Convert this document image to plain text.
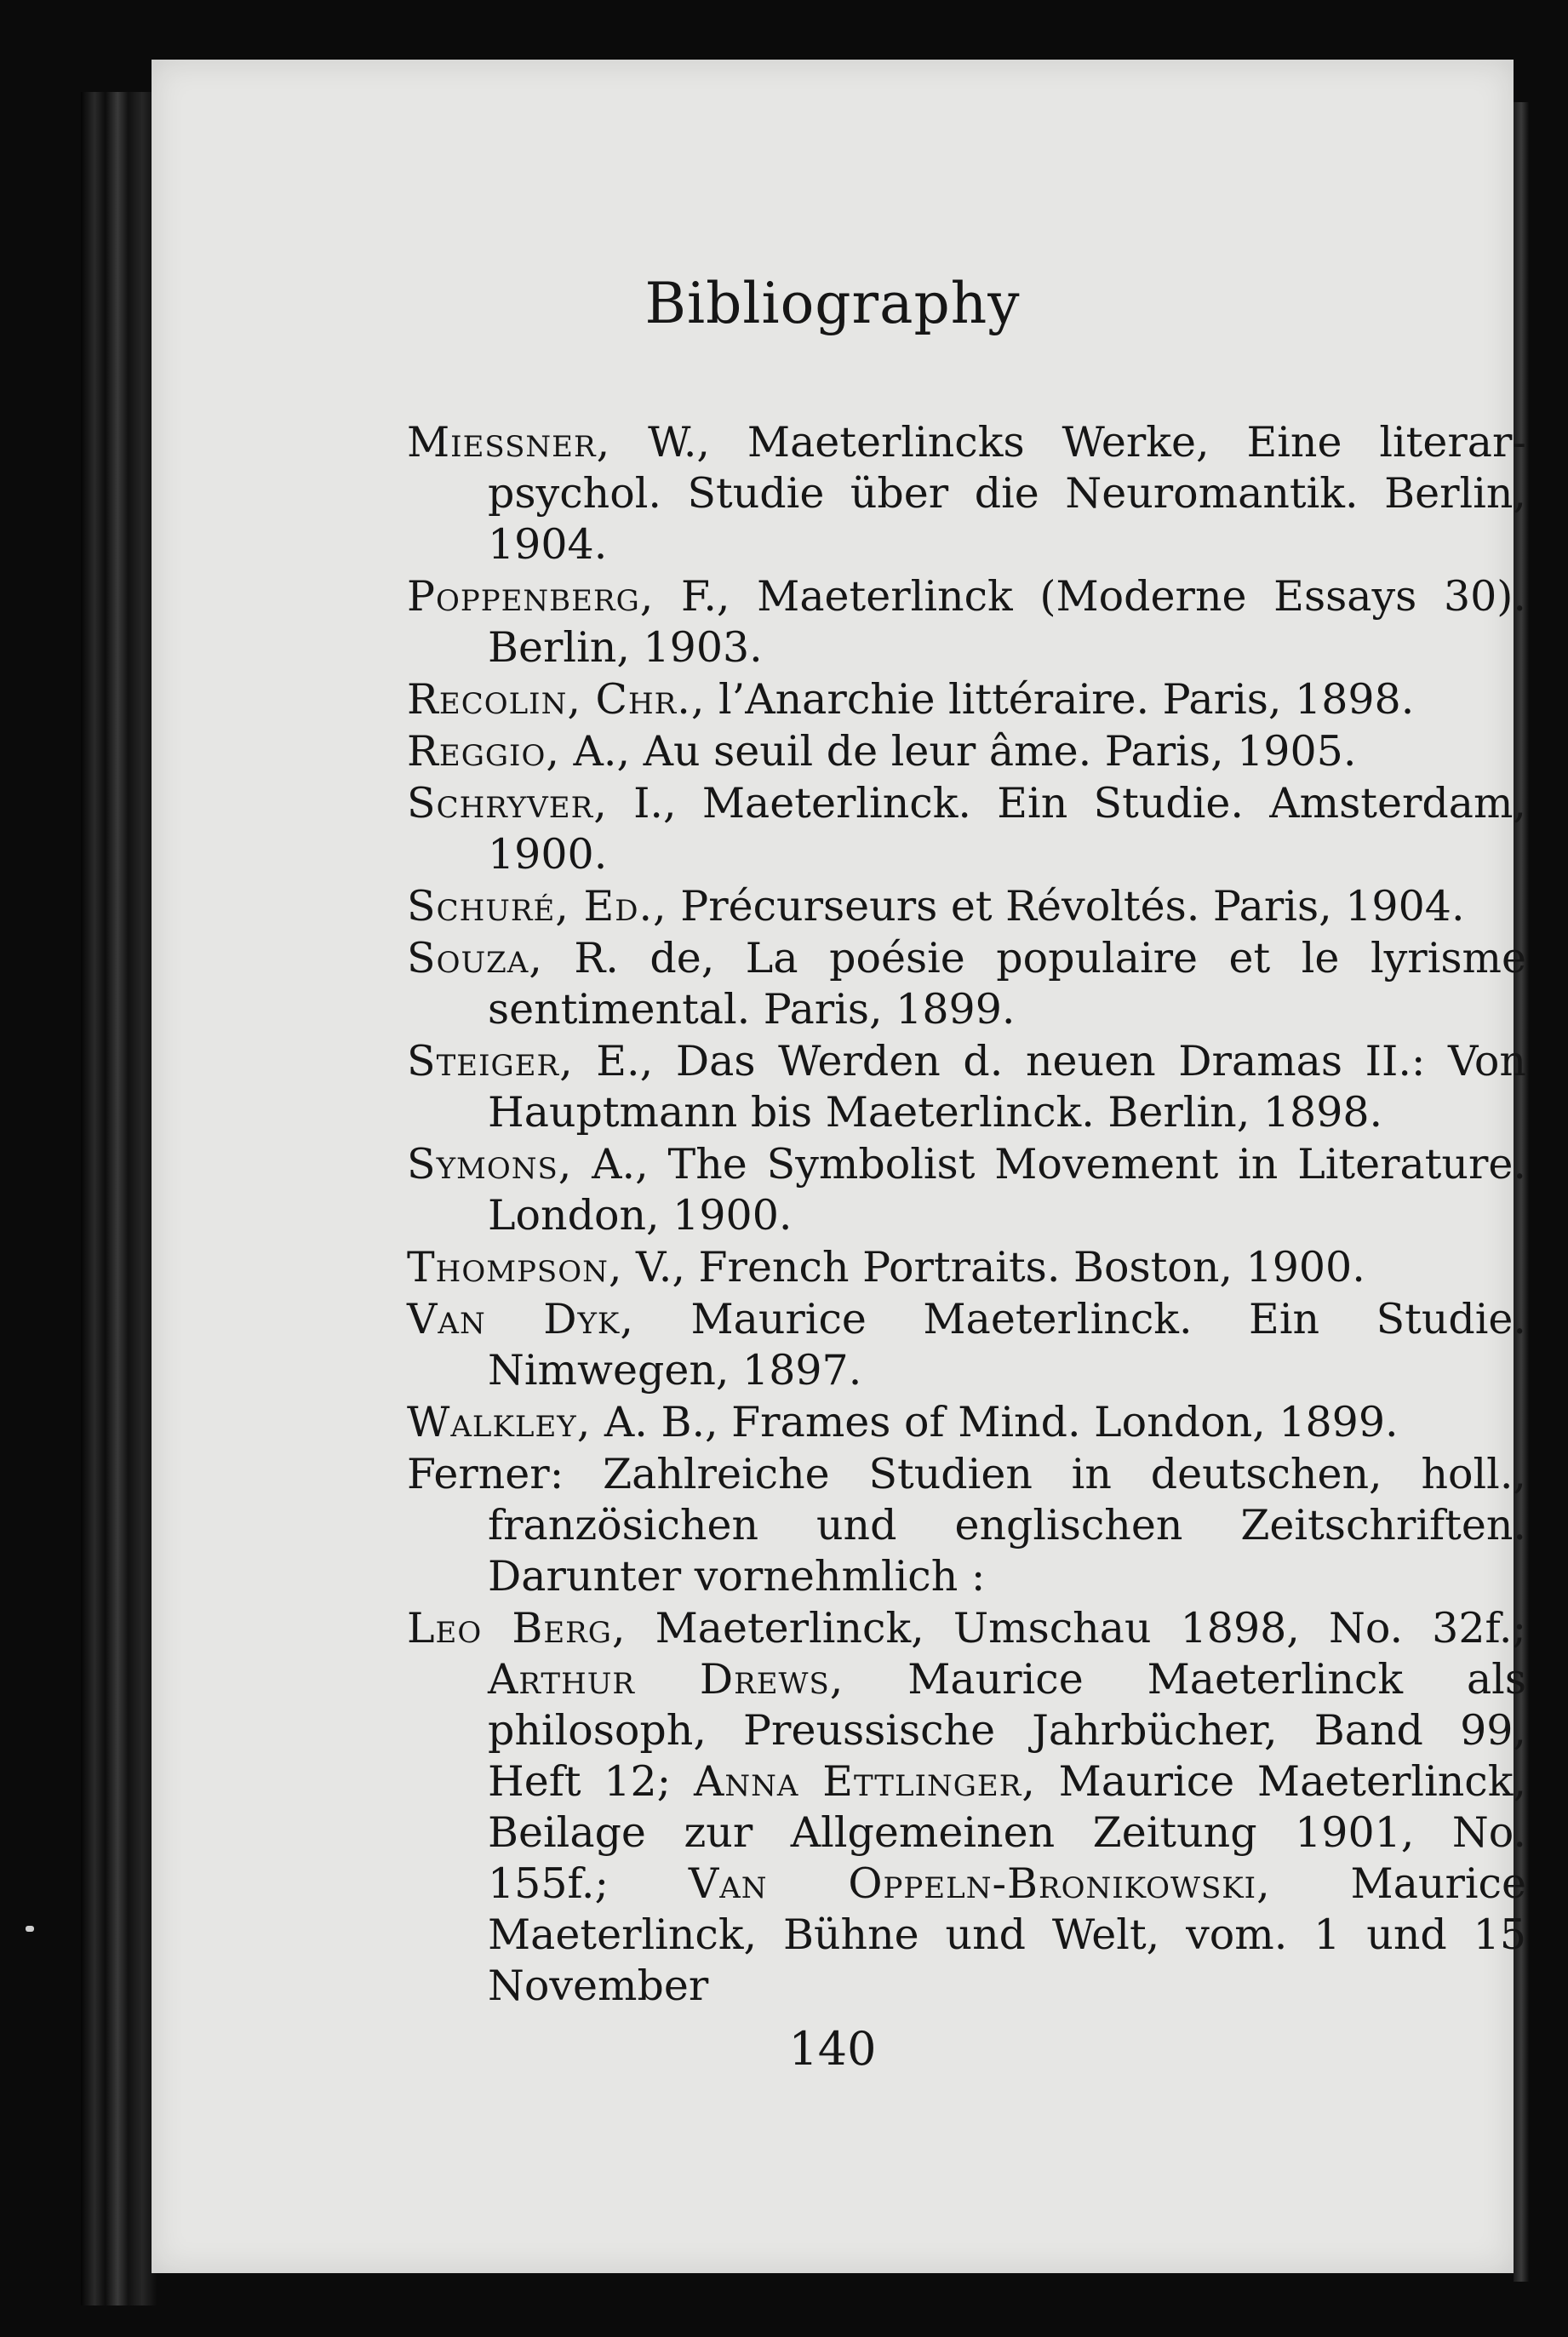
Bibliography

Miessner, W., Maeterlincks Werke, Eine literar-psychol. Studie über die Neuromantik. Berlin, 1904.

Poppenberg, F., Maeterlinck (Moderne Essays 30). Berlin, 1903.

Recolin, Chr., l’Anarchie littéraire. Paris, 1898.

Reggio, A., Au seuil de leur âme. Paris, 1905.

Schryver, I., Maeterlinck. Ein Studie. Amsterdam, 1900.

Schuré, Ed., Précurseurs et Révoltés. Paris, 1904.

Souza, R. de, La poésie populaire et le lyrisme sentimental. Paris, 1899.

Steiger, E., Das Werden d. neuen Dramas II.: Von Hauptmann bis Maeterlinck. Berlin, 1898.

Symons, A., The Symbolist Movement in Literature. London, 1900.

Thompson, V., French Portraits. Boston, 1900.

Van Dyk, Maurice Maeterlinck. Ein Studie. Nimwegen, 1897.

Walkley, A. B., Frames of Mind. London, 1899.

Ferner: Zahlreiche Studien in deutschen, holl., französichen und englischen Zeitschriften. Darunter vornehmlich :

Leo Berg, Maeterlinck, Umschau 1898, No. 32f.; Arthur Drews, Maurice Maeterlinck als philosoph, Preussische Jahrbücher, Band 99, Heft 12; Anna Ettlinger, Maurice Maeterlinck, Beilage zur Allgemeinen Zeitung 1901, No. 155f.; Van Oppeln-Bronikowski, Maurice Maeterlinck, Bühne und Welt, vom. 1 und 15 November

140
